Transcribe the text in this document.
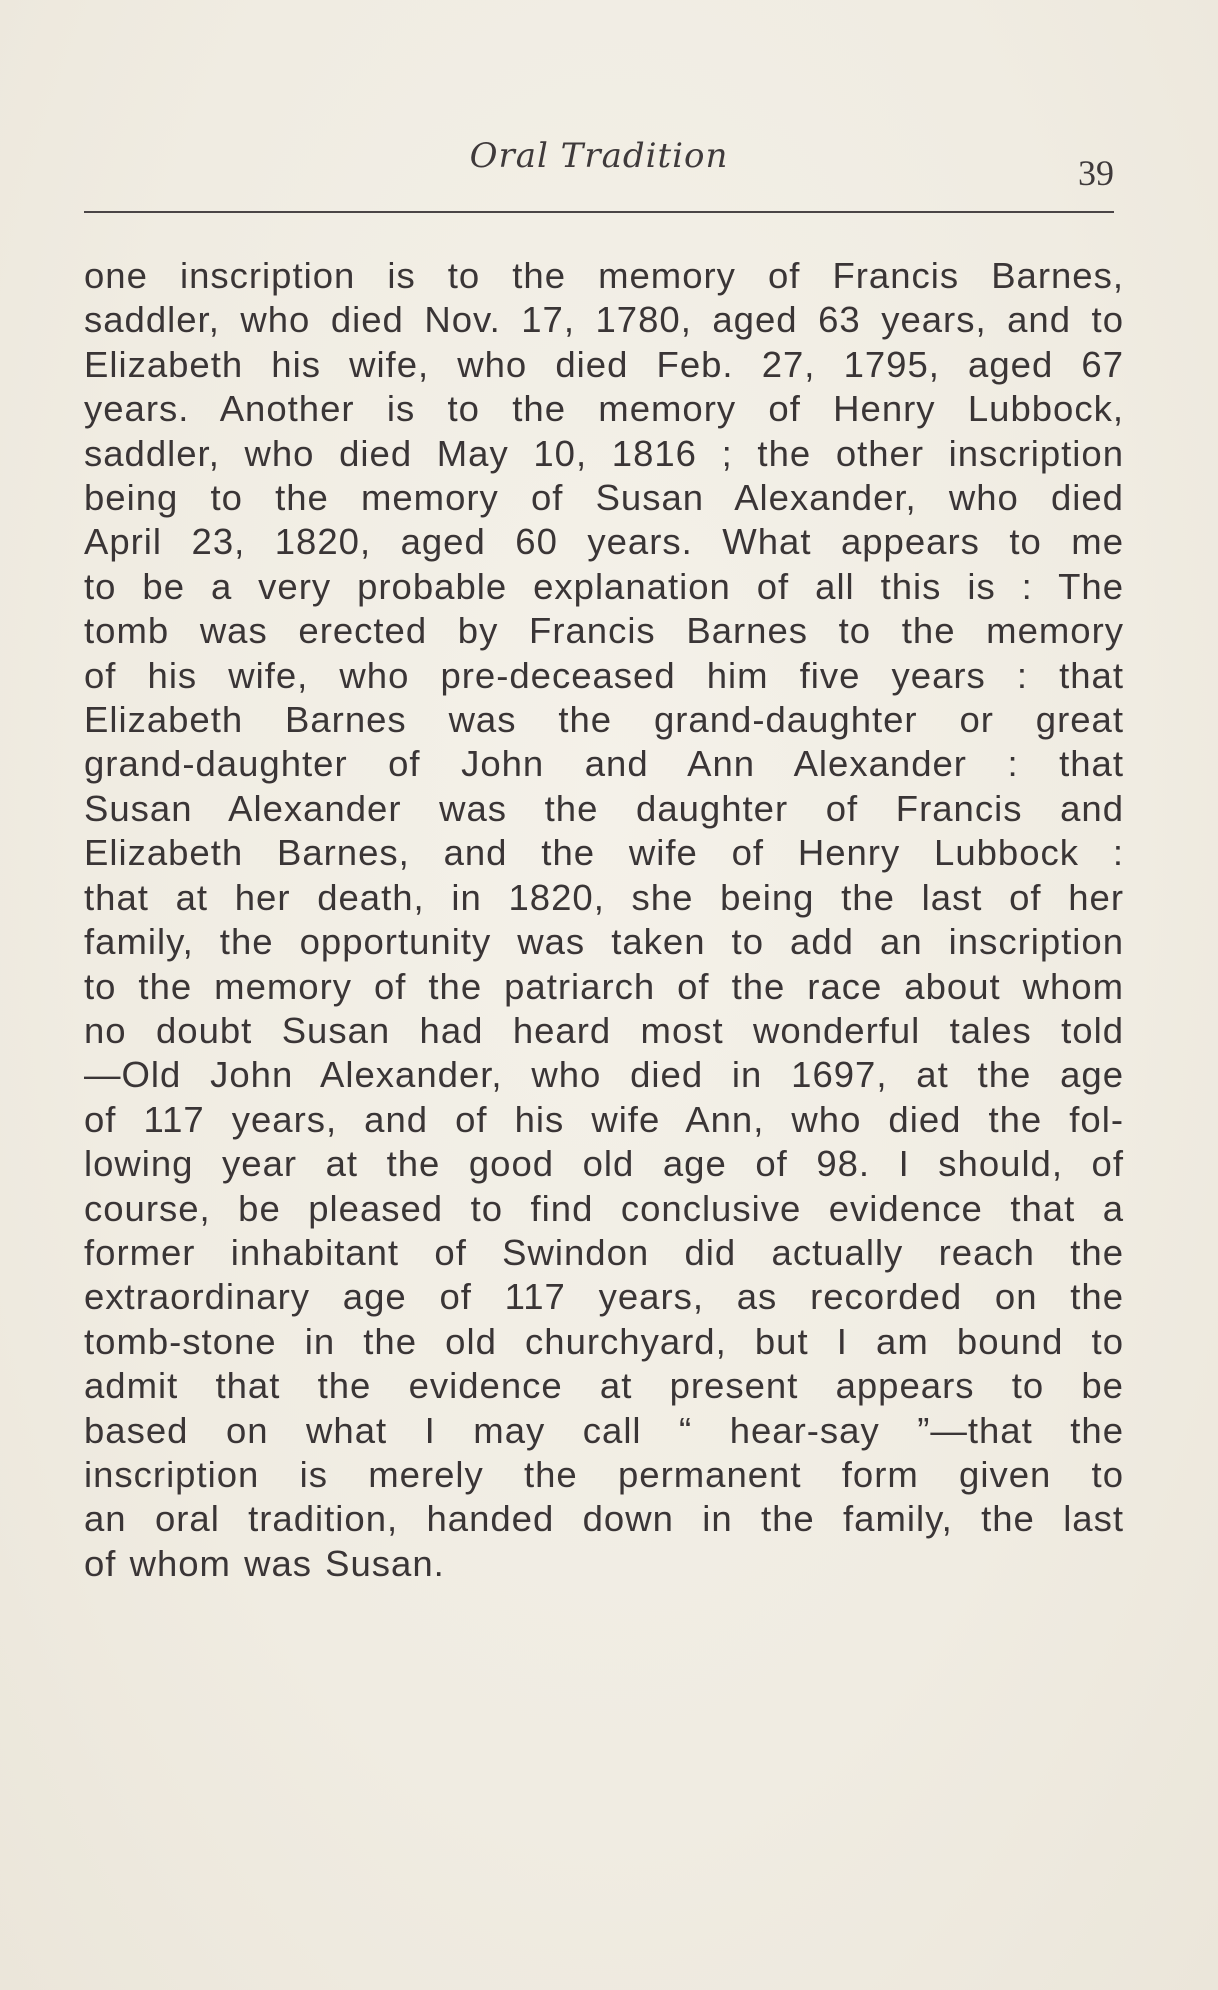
Oral Tradition	39
one inscription is to the memory of Francis Barnes,
saddler, who died Nov. 17, 1780, aged 63 years, and to
Elizabeth his wife, who died Feb. 27, 1795, aged 67
years. Another is to the memory of Henry Lubbock,
saddler, who died May 10, 1816 ; the other inscription
being to the memory of Susan Alexander, who died
April 23, 1820, aged 60 years. What appears to me
to be a very probable explanation of all this is : The
tomb was erected by Francis Barnes to the memory
of his wife, who pre-deceased him five years : that
Elizabeth Barnes was the grand-daughter or great
grand-daughter of John and Ann Alexander : that
Susan Alexander was the daughter of Francis and
Elizabeth Barnes, and the wife of Henry Lubbock :
that at her death, in 1820, she being the last of her
family, the opportunity was taken to add an inscription
to the memory of the patriarch of the race about whom
no doubt Susan had heard most wonderful tales told
—Old John Alexander, who died in 1697, at the age
of 117 years, and of his wife Ann, who died the fol-
lowing year at the good old age of 98. I should, of
course, be pleased to find conclusive evidence that a
former inhabitant of Swindon did actually reach the
extraordinary age of 117 years, as recorded on the
tomb-stone in the old churchyard, but I am bound to
admit that the evidence at present appears to be
based on what I may call “ hear-say ”—that the
inscription is merely the permanent form given to
an oral tradition, handed down in the family, the last
of whom was Susan.
